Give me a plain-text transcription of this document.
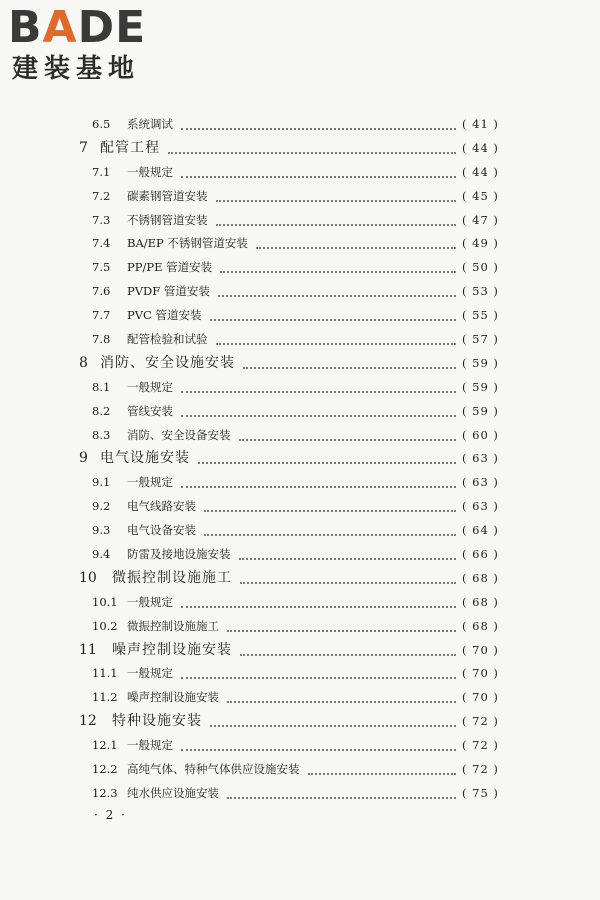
BADE
建装基地
6.5 系统调试	( 41 )
7 配管工程	( 44 )
7.1 一般规定	( 44 )
7.2 碳素钢管道安装	( 45 )
7.3 不锈钢管道安装	( 47 )
7.4 BA/EP 不锈钢管道安装	( 49 )
7.5 PP/PE 管道安装	( 50 )
7.6 PVDF 管道安装	( 53 )
7.7 PVC 管道安装	( 55 )
7.8 配管检验和试验	( 57 )
8 消防、安全设施安装	( 59 )
8.1 一般规定	( 59 )
8.2 管线安装	( 59 )
8.3 消防、安全设备安装	( 60 )
9 电气设施安装	( 63 )
9.1 一般规定	( 63 )
9.2 电气线路安装	( 63 )
9.3 电气设备安装	( 64 )
9.4 防雷及接地设施安装	( 66 )
10 微振控制设施施工	( 68 )
10.1 一般规定	( 68 )
10.2 微振控制设施施工	( 68 )
11 噪声控制设施安装	( 70 )
11.1 一般规定	( 70 )
11.2 噪声控制设施安装	( 70 )
12 特种设施安装	( 72 )
12.1 一般规定	( 72 )
12.2 高纯气体、特种气体供应设施安装	( 72 )
12.3 纯水供应设施安装	( 75 )
· 2 ·
